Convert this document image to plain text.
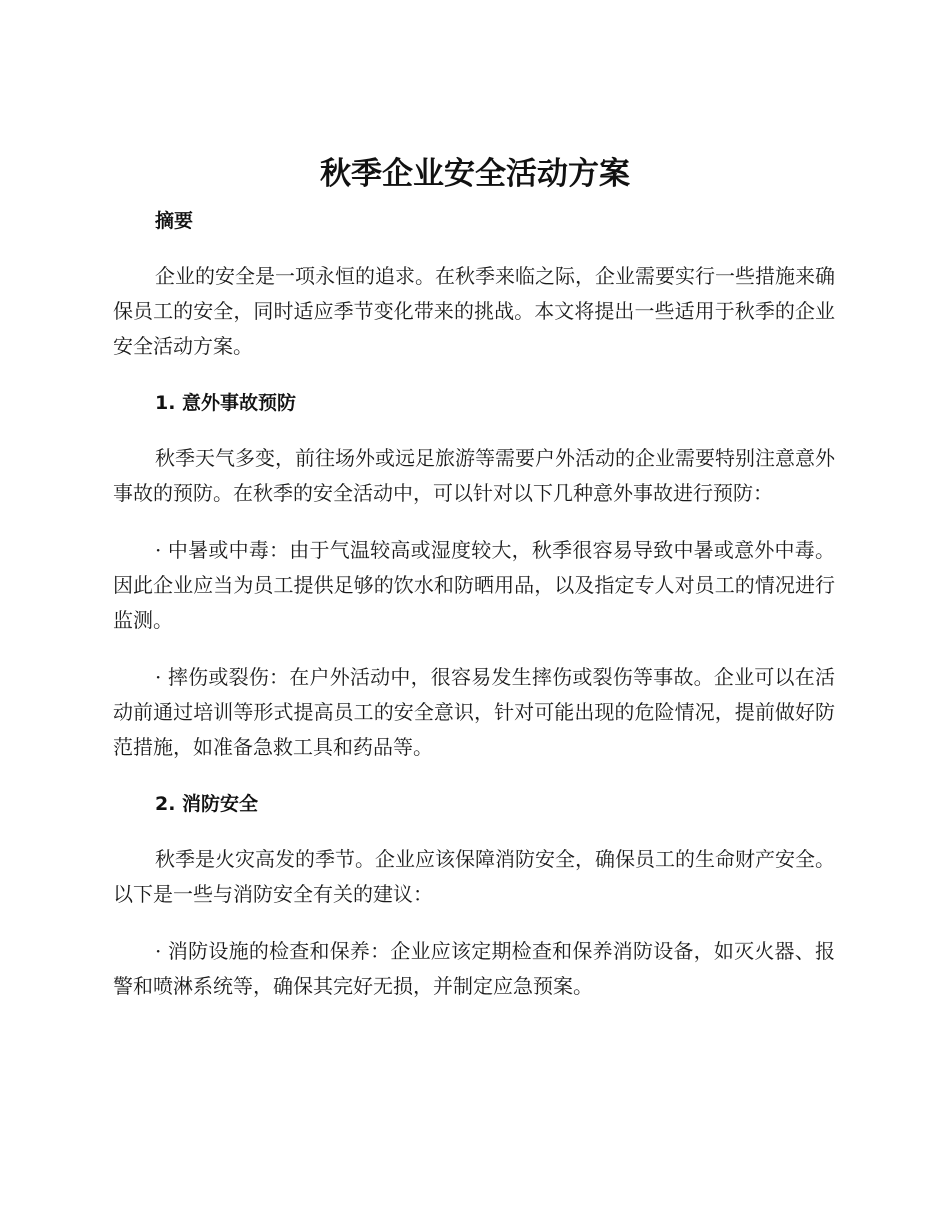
秋季企业安全活动方案

摘要

企业的安全是一项永恒的追求。在秋季来临之际，企业需要实行一些措施来确保员工的安全，同时适应季节变化带来的挑战。本文将提出一些适用于秋季的企业安全活动方案。

1. 意外事故预防

秋季天气多变，前往场外或远足旅游等需要户外活动的企业需要特别注意意外事故的预防。在秋季的安全活动中，可以针对以下几种意外事故进行预防：

· 中暑或中毒：由于气温较高或湿度较大，秋季很容易导致中暑或意外中毒。因此企业应当为员工提供足够的饮水和防晒用品，以及指定专人对员工的情况进行监测。

· 摔伤或裂伤：在户外活动中，很容易发生摔伤或裂伤等事故。企业可以在活动前通过培训等形式提高员工的安全意识，针对可能出现的危险情况，提前做好防范措施，如准备急救工具和药品等。

2. 消防安全

秋季是火灾高发的季节。企业应该保障消防安全，确保员工的生命财产安全。以下是一些与消防安全有关的建议：

· 消防设施的检查和保养：企业应该定期检查和保养消防设备，如灭火器、报警和喷淋系统等，确保其完好无损，并制定应急预案。
